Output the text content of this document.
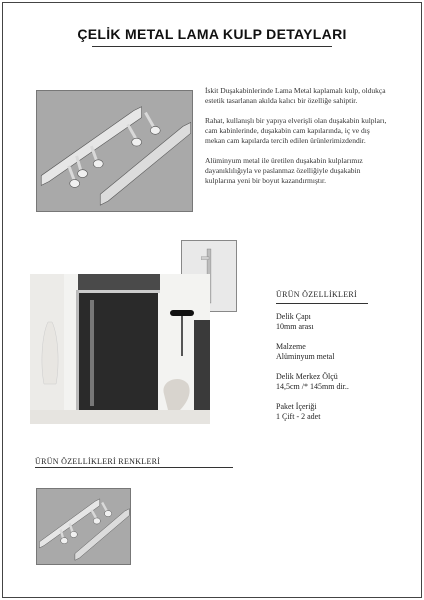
ÇELİK METAL LAMA KULP DETAYLARI

İskit Duşakabinlerinde Lama Metal kaplamalı kulp, oldukça estetik tasarlanan akılda kalıcı bir özelliğe sahiptir.

Rahat, kullanışlı bir yapıya elverişli olan duşakabin kulpları, cam kabinlerinde, duşakabin cam kapılarında, iç ve dış mekan cam kapılarda tercih edilen ürünlerimizdendir.

Alüminyum metal ile üretilen duşakabin kulplarımız dayanıklılığıyla ve paslanmaz özelliğiyle duşakabin kulplarına yeni bir boyut kazandırmıştır.

ÜRÜN ÖZELLİKLERİ
Delik Çapı
10mm arası
Malzeme
Alüminyum metal
Delik Merkez Ölçü
14,5cm /* 145mm dir..
Paket İçeriği
1 Çift - 2 adet
ÜRÜN ÖZELLİKLERİ RENKLERİ
